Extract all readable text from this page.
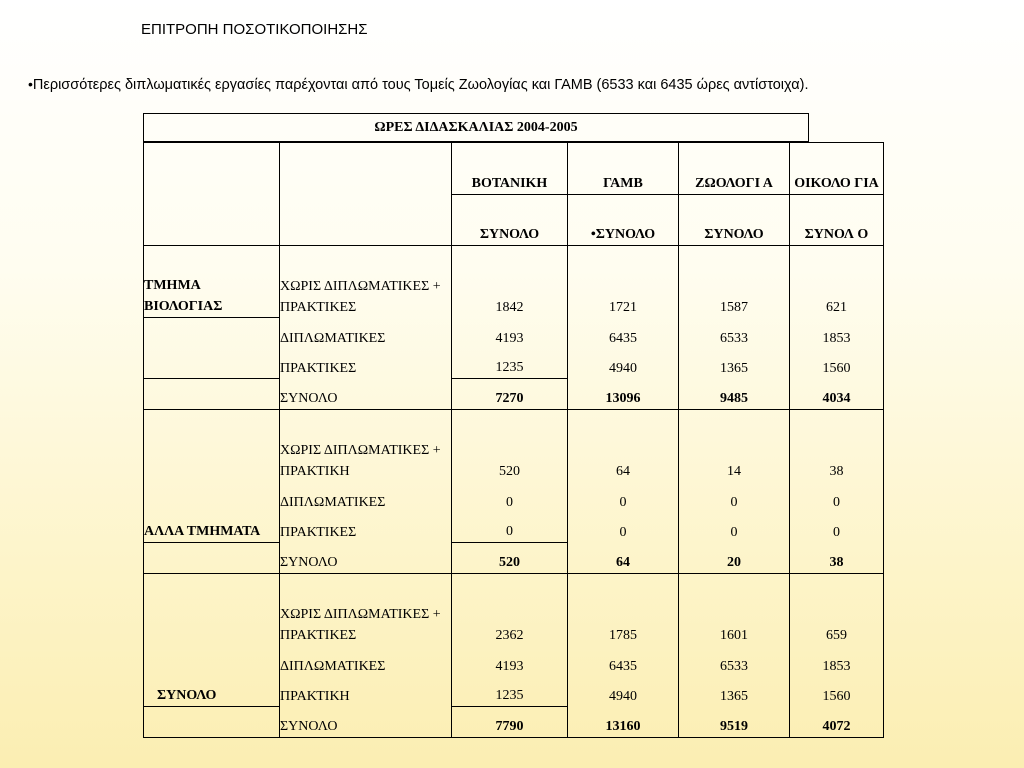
ΕΠΙΤΡΟΠΗ ΠΟΣΟΤΙΚΟΠΟΙΗΣΗΣ
•Περισσότερες διπλωματικές εργασίες παρέχονται από τους Τομείς Ζωολογίας και ΓΑΜΒ (6533 και 6435 ώρες αντίστοιχα).
ΩΡΕΣ ΔΙΔΑΣΚΑΛΙΑΣ 2004-2005
		ΒΟΤΑΝΙΚΗ	ΓΑΜΒ	ΖΩΟΛΟΓΙ Α	ΟΙΚΟΛΟ ΓΙΑ
		ΣΥΝΟΛΟ	•ΣΥΝΟΛΟ	ΣΥΝΟΛΟ	ΣΥΝΟΛ Ο
ΤΜΗΜΑ ΒΙΟΛΟΓΙΑΣ	ΧΩΡΙΣ ΔΙΠΛΩΜΑΤΙΚΕΣ + ΠΡΑΚΤΙΚΕΣ	1842	1721	1587	621
	ΔΙΠΛΩΜΑΤΙΚΕΣ	4193	6435	6533	1853
	ΠΡΑΚΤΙΚΕΣ	1235	4940	1365	1560
	ΣΥΝΟΛΟ	7270	13096	9485	4034
ΑΛΛΑ ΤΜΗΜΑΤΑ	ΧΩΡΙΣ ΔΙΠΛΩΜΑΤΙΚΕΣ + ΠΡΑΚΤΙΚΗ	520	64	14	38
	ΔΙΠΛΩΜΑΤΙΚΕΣ	0	0	0	0
	ΠΡΑΚΤΙΚΕΣ	0	0	0	0
	ΣΥΝΟΛΟ	520	64	20	38
ΣΥΝΟΛΟ	ΧΩΡΙΣ ΔΙΠΛΩΜΑΤΙΚΕΣ + ΠΡΑΚΤΙΚΕΣ	2362	1785	1601	659
	ΔΙΠΛΩΜΑΤΙΚΕΣ	4193	6435	6533	1853
	ΠΡΑΚΤΙΚΗ	1235	4940	1365	1560
	ΣΥΝΟΛΟ	7790	13160	9519	4072
